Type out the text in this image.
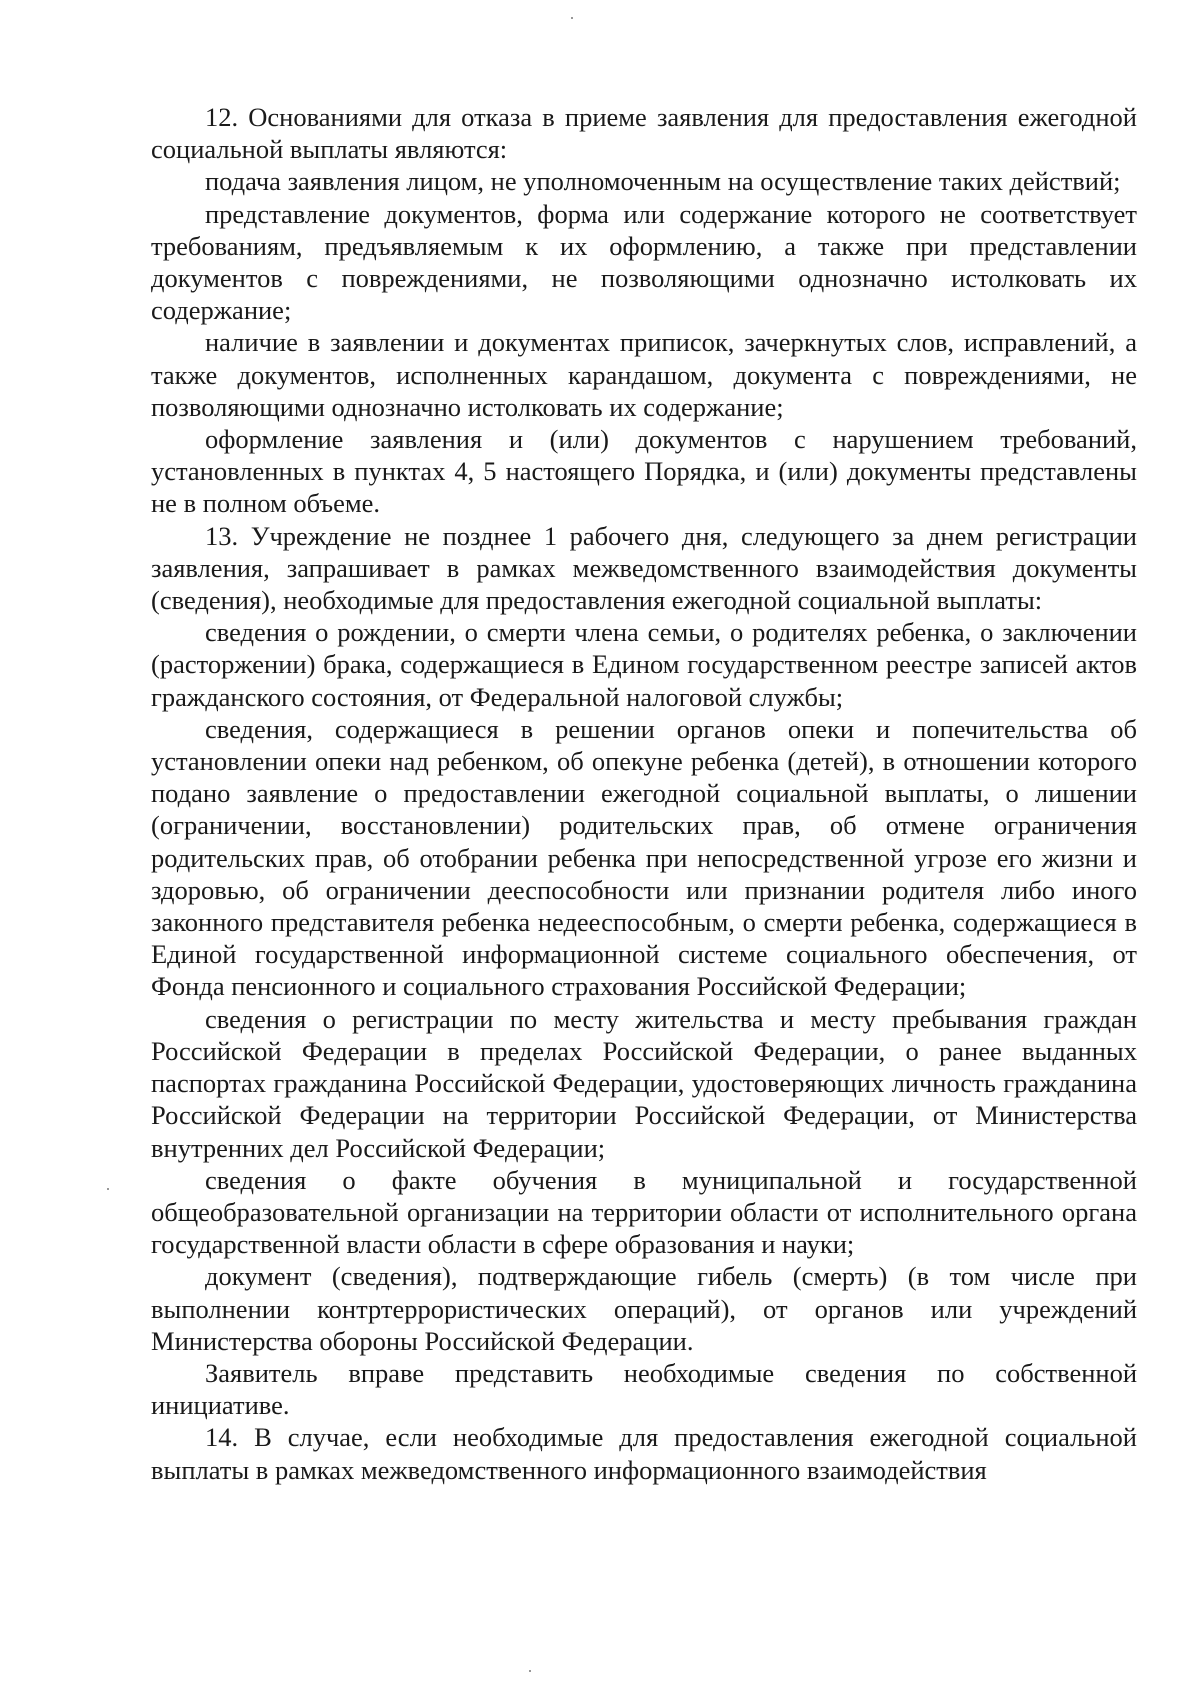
12. Основаниями для отказа в приеме заявления для предоставления ежегодной социальной выплаты являются:

подача заявления лицом, не уполномоченным на осуществление таких действий;

представление документов, форма или содержание которого не соответствует требованиям, предъявляемым к их оформлению, а также при представлении документов с повреждениями, не позволяющими однозначно истолковать их содержание;

наличие в заявлении и документах приписок, зачеркнутых слов, исправлений, а также документов, исполненных карандашом, документа с повреждениями, не позволяющими однозначно истолковать их содержание;

оформление заявления и (или) документов с нарушением требований, установленных в пунктах 4, 5 настоящего Порядка, и (или) документы представлены не в полном объеме.

13. Учреждение не позднее 1 рабочего дня, следующего за днем регистрации заявления, запрашивает в рамках межведомственного взаимодействия документы (сведения), необходимые для предоставления ежегодной социальной выплаты:

сведения о рождении, о смерти члена семьи, о родителях ребенка, о заключении (расторжении) брака, содержащиеся в Едином государственном реестре записей актов гражданского состояния, от Федеральной налоговой службы;

сведения, содержащиеся в решении органов опеки и попечительства об установлении опеки над ребенком, об опекуне ребенка (детей), в отношении которого подано заявление о предоставлении ежегодной социальной выплаты, о лишении (ограничении, восстановлении) родительских прав, об отмене ограничения родительских прав, об отобрании ребенка при непосредственной угрозе его жизни и здоровью, об ограничении дееспособности или признании родителя либо иного законного представителя ребенка недееспособным, о смерти ребенка, содержащиеся в Единой государственной информационной системе социального обеспечения, от Фонда пенсионного и социального страхования Российской Федерации;

сведения о регистрации по месту жительства и месту пребывания граждан Российской Федерации в пределах Российской Федерации, о ранее выданных паспортах гражданина Российской Федерации, удостоверяющих личность гражданина Российской Федерации на территории Российской Федерации, от Министерства внутренних дел Российской Федерации;

сведения о факте обучения в муниципальной и государственной общеобразовательной организации на территории области от исполнительного органа государственной власти области в сфере образования и науки;

документ (сведения), подтверждающие гибель (смерть) (в том числе при выполнении контртеррористических операций), от органов или учреждений Министерства обороны Российской Федерации.

Заявитель вправе представить необходимые сведения по собственной инициативе.

14. В случае, если необходимые для предоставления ежегодной социальной выплаты в рамках межведомственного информационного взаимодействия
